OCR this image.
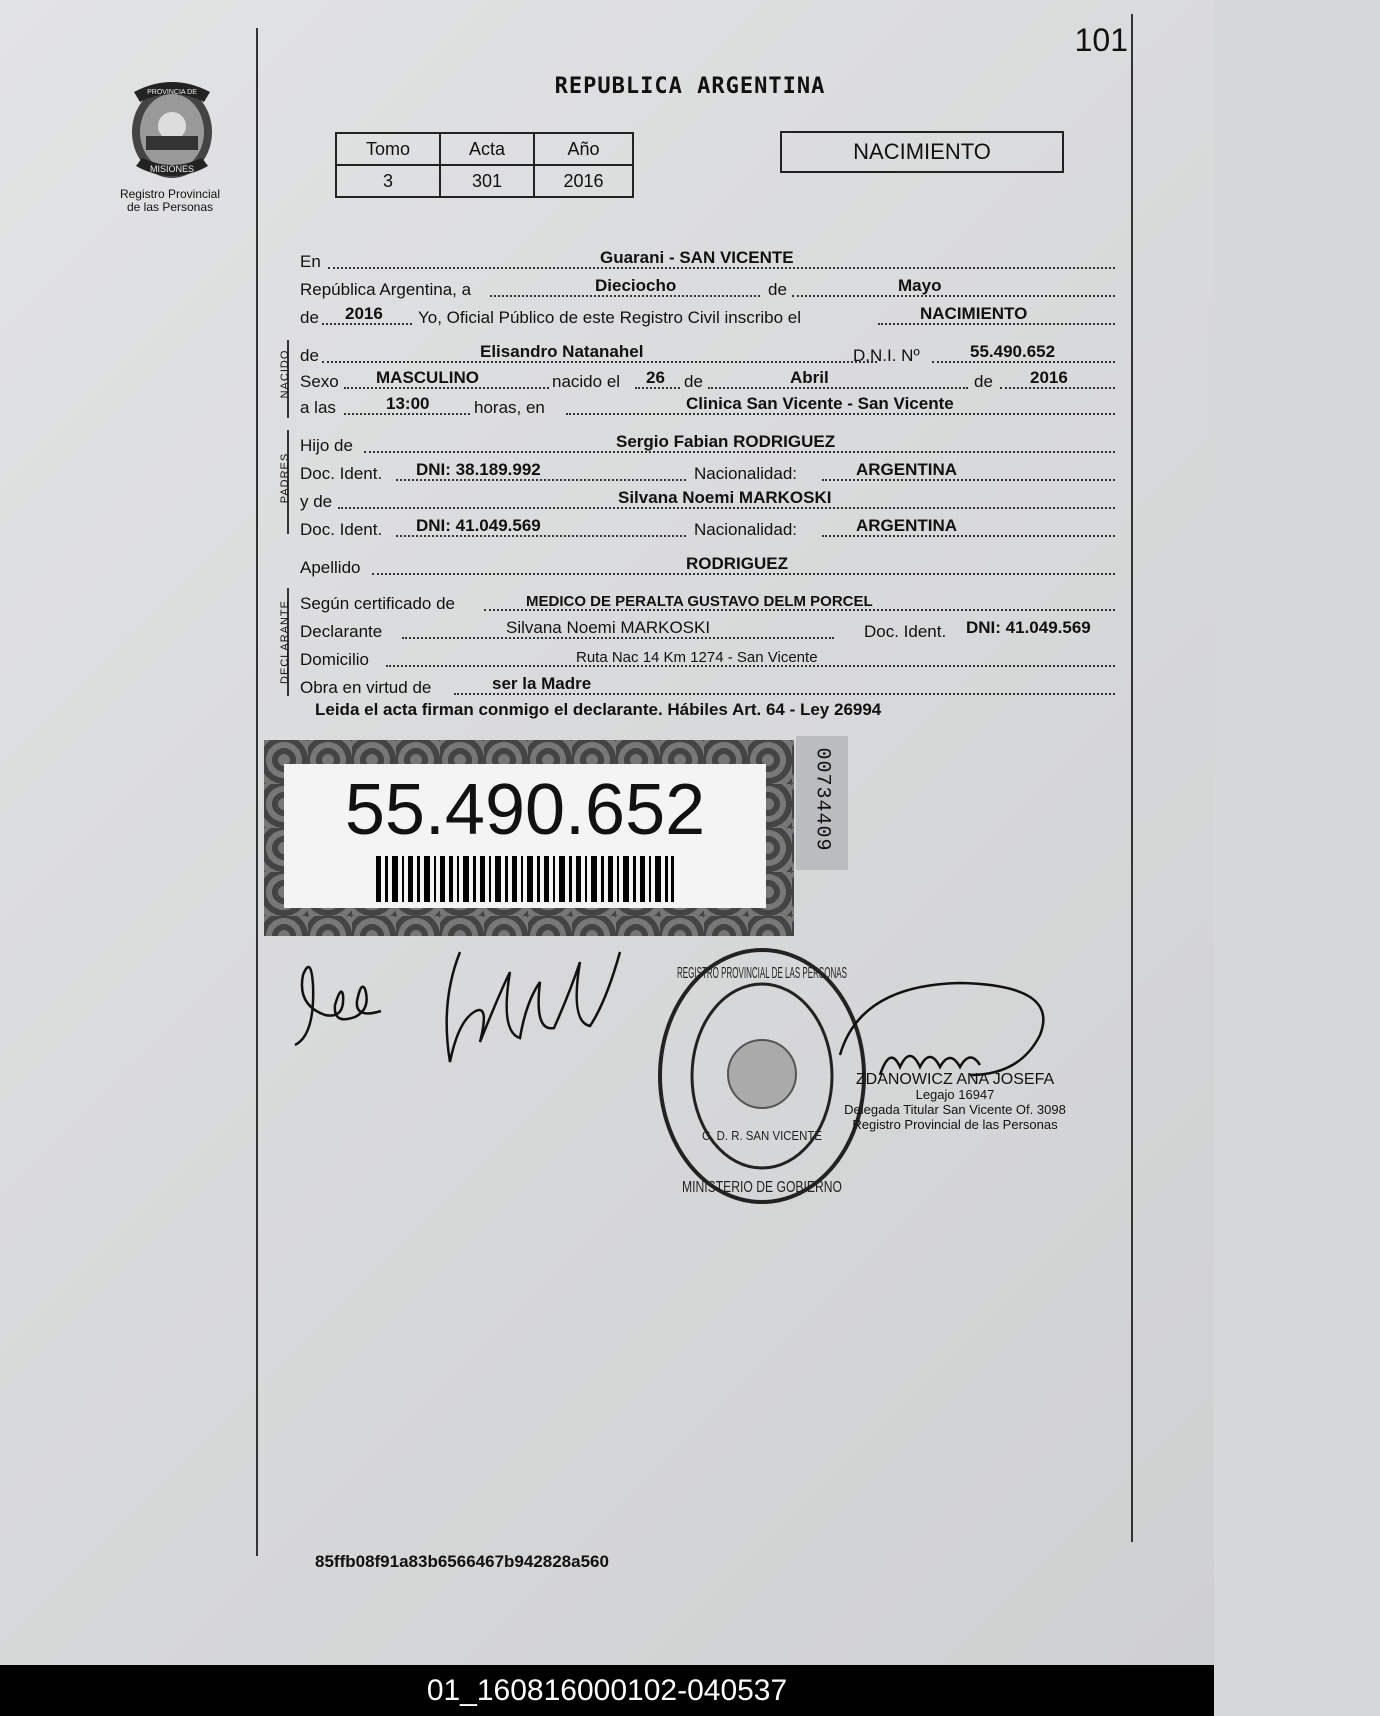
101
PROVINCIA DE
MISIONES
Registro Provincial
de las Personas
REPUBLICA ARGENTINA
Tomo	Acta	Año
3	301	2016
NACIMIENTO
En	Guarani - SAN VICENTE
República Argentina, a	Dieciocho	de	Mayo
de 2016 Yo, Oficial Público de este Registro Civil inscribo el	NACIMIENTO
NACIDO de	Elisandro Natanahel	D.N.I. Nº	55.490.652
Sexo MASCULINO	nacido el 26 de	Abril	de 2016
a las	13:00	horas, en	Clinica San Vicente - San Vicente
PADRES
Hijo de	Sergio Fabian RODRIGUEZ
Doc. Ident. DNI: 38.189.992	Nacionalidad:	ARGENTINA
y de	Silvana Noemi MARKOSKI
Doc. Ident. DNI: 41.049.569	Nacionalidad:	ARGENTINA
Apellido	RODRIGUEZ
DECLARANTE Según certificado de	MEDICO DE PERALTA GUSTAVO DELM PORCEL
Declarante	Silvana Noemi MARKOSKI	Doc. Ident. DNI: 41.049.569
Domicilio	Ruta Nac 14 Km 1274 - San Vicente
Obra en virtud de	ser la Madre
Leida el acta firman conmigo el declarante. Hábiles Art. 64 - Ley 26994
55.490.652	00734409
REGISTRO PROVINCIAL DE LAS PERSONAS
MINISTERIO DE GOBIERNO
C. D. R. SAN VICENTE
ZDANOWICZ ANA JOSEFA
Legajo 16947
Delegada Titular San Vicente Of. 3098
Registro Provincial de las Personas
85ffb08f91a83b6566467b942828a560
01_160816000102-040537
